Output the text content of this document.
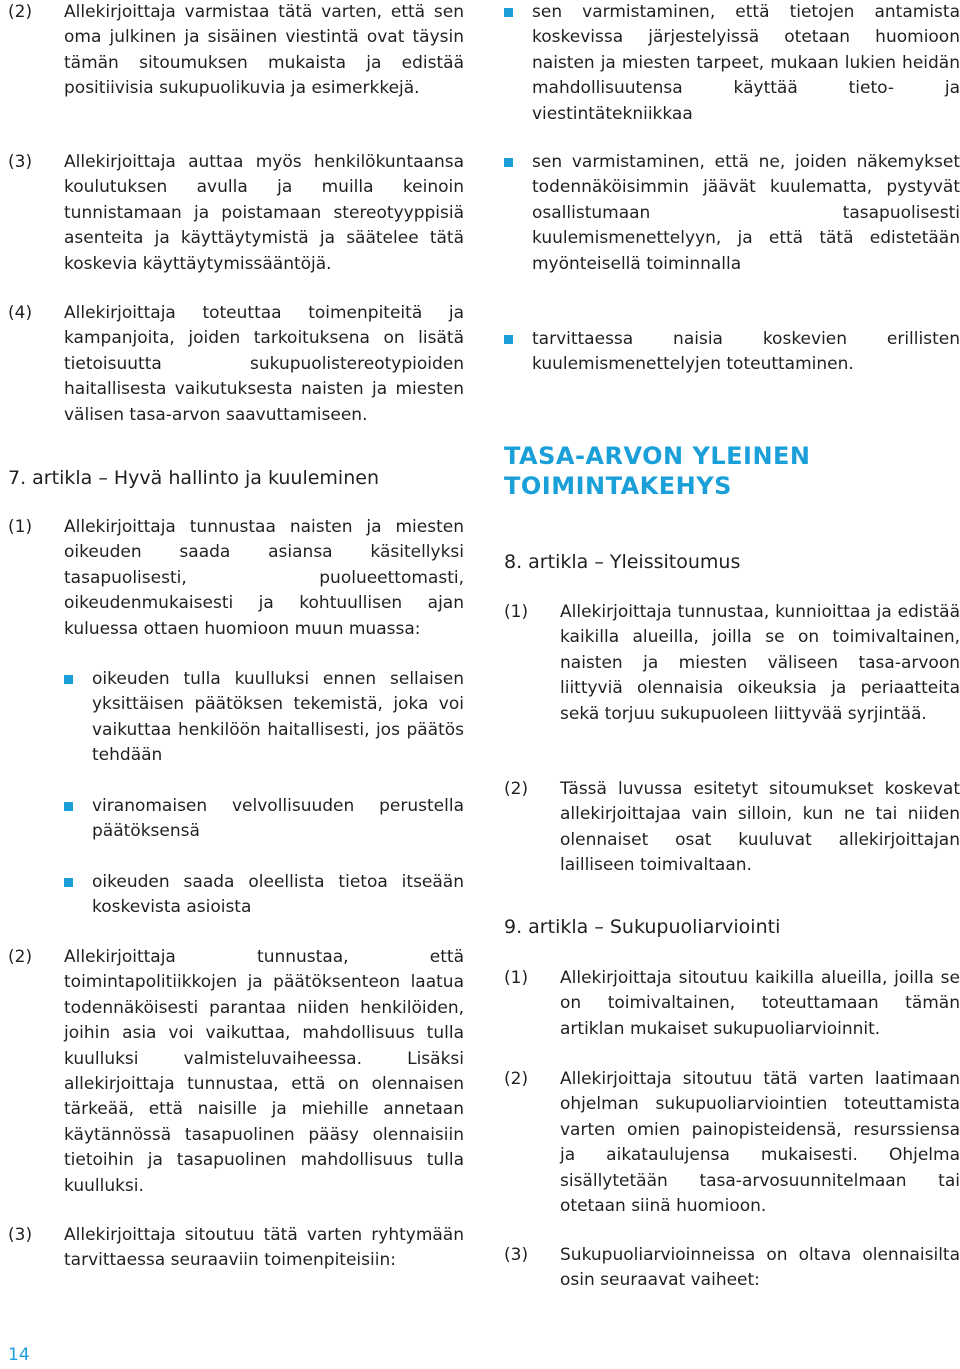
(2)	Allekirjoittaja varmistaa tätä varten, että sen oma julkinen ja sisäinen viestintä ovat täysin tämän sitoumuksen mukaista ja edistää positiivisia sukupuolikuvia ja esimerkkejä.
(3)	Allekirjoittaja auttaa myös henkilökuntaansa koulutuksen avulla ja muilla keinoin tunnistamaan ja poistamaan stereotyyppisiä asenteita ja käyttäytymistä ja säätelee tätä koskevia käyttäytymissääntöjä.
(4)	Allekirjoittaja toteuttaa toimenpiteitä ja kampanjoita, joiden tarkoituksena on lisätä tietoisuutta sukupuolistereotypioiden haitallisesta vaikutuksesta naisten ja miesten välisen tasa-arvon saavuttamiseen.
7. artikla – Hyvä hallinto ja kuuleminen
(1)	Allekirjoittaja tunnustaa naisten ja miesten oikeuden saada asiansa käsitellyksi tasapuolisesti, puolueettomasti, oikeudenmukaisesti ja kohtuullisen ajan kuluessa ottaen huomioon muun muassa:
oikeuden tulla kuulluksi ennen sellaisen yksittäisen päätöksen tekemistä, joka voi vaikuttaa henkilöön haitallisesti, jos päätös tehdään
viranomaisen velvollisuuden perustella päätöksensä
oikeuden saada oleellista tietoa itseään koskevista asioista
(2)	Allekirjoittaja tunnustaa, että toimintapolitiikkojen ja päätöksenteon laatua todennäköisesti parantaa niiden henkilöiden, joihin asia voi vaikuttaa, mahdollisuus tulla kuulluksi valmisteluvaiheessa. Lisäksi allekirjoittaja tunnustaa, että on olennaisen tärkeää, että naisille ja miehille annetaan käytännössä tasapuolinen pääsy olennaisiin tietoihin ja tasapuolinen mahdollisuus tulla kuulluksi.
(3)	Allekirjoittaja sitoutuu tätä varten ryhtymään tarvittaessa seuraaviin toimenpiteisiin:
sen varmistaminen, että tietojen antamista koskevissa järjestelyissä otetaan huomioon naisten ja miesten tarpeet, mukaan lukien heidän mahdollisuutensa käyttää tieto- ja viestintätekniikkaa
sen varmistaminen, että ne, joiden näkemykset todennäköisimmin jäävät kuulematta, pystyvät osallistumaan tasapuolisesti kuulemismenettelyyn, ja että tätä edistetään myönteisellä toiminnalla
tarvittaessa naisia koskevien erillisten kuulemismenettelyjen toteuttaminen.
TASA-ARVON YLEINEN
TOIMINTAKEHYS
8. artikla – Yleissitoumus
(1)	Allekirjoittaja tunnustaa, kunnioittaa ja edistää kaikilla alueilla, joilla se on toimivaltainen, naisten ja miesten väliseen tasa-arvoon liittyviä olennaisia oikeuksia ja periaatteita sekä torjuu sukupuoleen liittyvää syrjintää.
(2)	Tässä luvussa esitetyt sitoumukset koskevat allekirjoittajaa vain silloin, kun ne tai niiden olennaiset osat kuuluvat allekirjoittajan lailliseen toimivaltaan.
9. artikla – Sukupuoliarviointi
(1)	Allekirjoittaja sitoutuu kaikilla alueilla, joilla se on toimivaltainen, toteuttamaan tämän artiklan mukaiset sukupuoliarvioinnit.
(2)	Allekirjoittaja sitoutuu tätä varten laatimaan ohjelman sukupuoliarviointien toteuttamista varten omien painopisteidensä, resurssiensa ja aikataulujensa mukaisesti. Ohjelma sisällytetään tasa-arvosuunnitelmaan tai otetaan siinä huomioon.
(3)	Sukupuoliarvioinneissa on oltava olennaisilta osin seuraavat vaiheet:
14
